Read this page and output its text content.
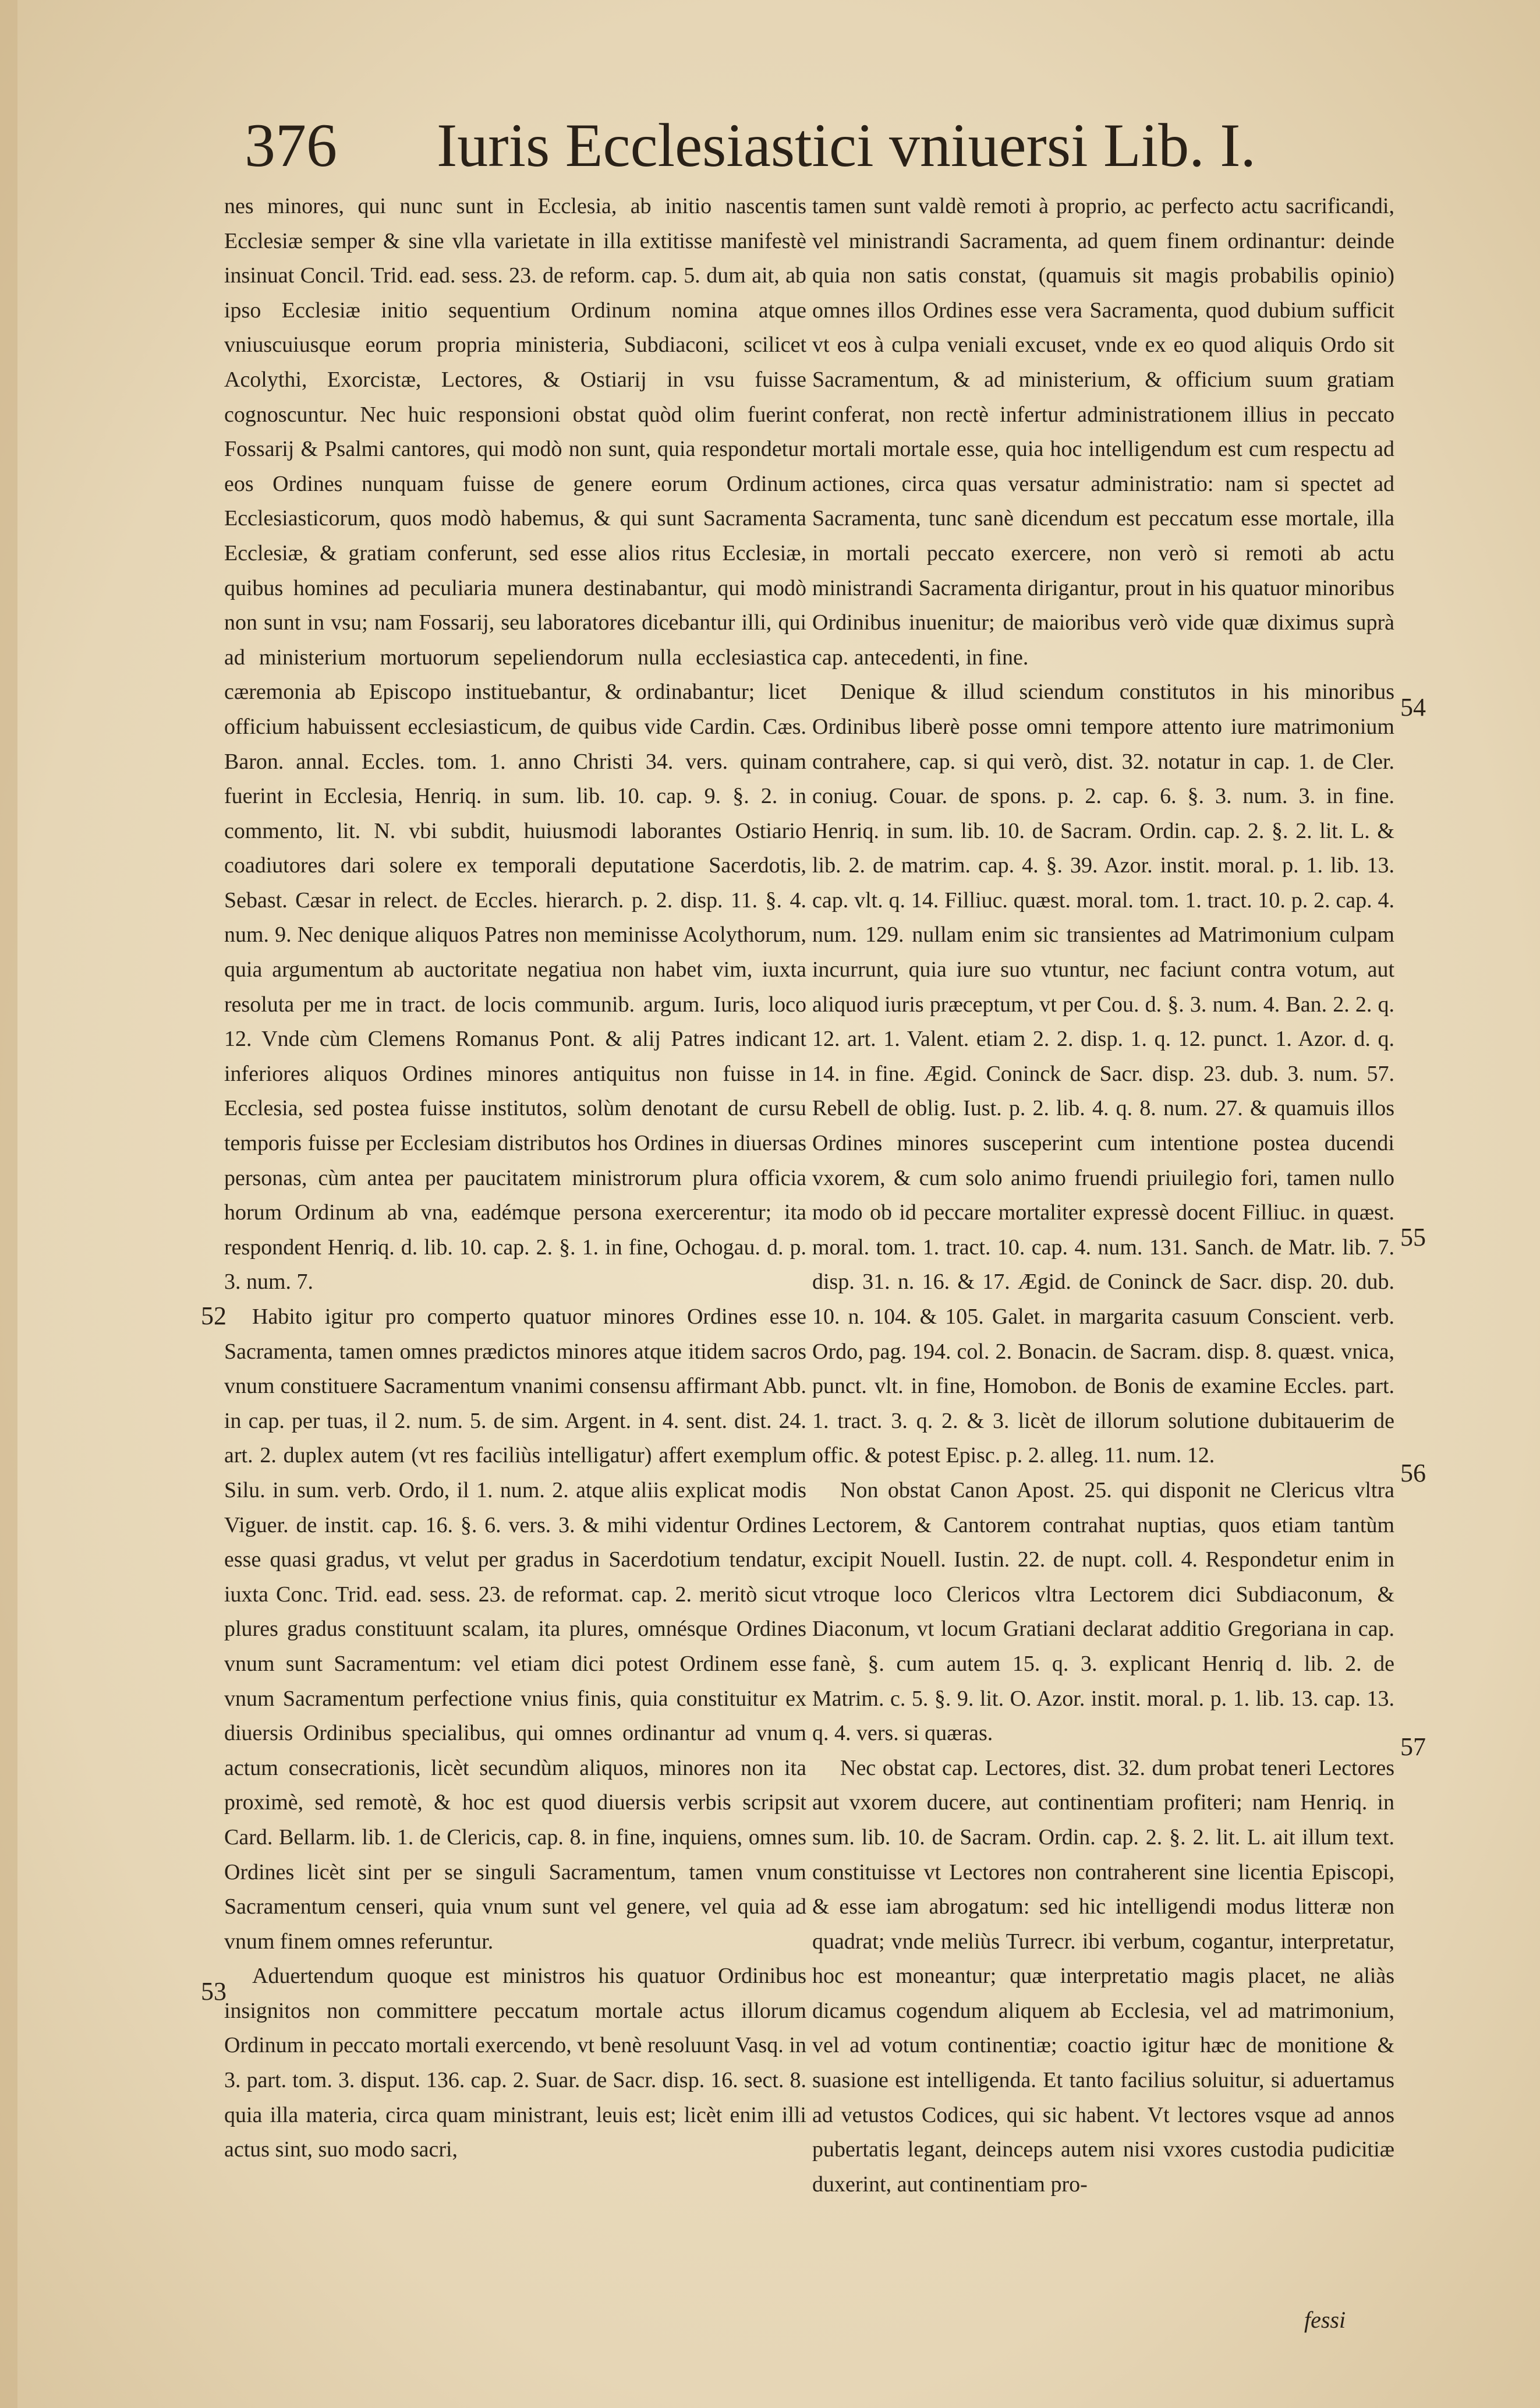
376 Iuris Ecclesiastici vniuersi Lib. I.

nes minores, qui nunc sunt in Ecclesia, ab initio nascentis Ecclesiæ semper & sine vlla varietate in illa extitisse manifestè insinuat Concil. Trid. ead. sess. 23. de reform. cap. 5. dum ait, ab ipso Ecclesiæ initio sequentium Ordinum nomina atque vniuscuiusque eorum propria ministeria, Subdiaconi, scilicet Acolythi, Exorcistæ, Lectores, & Ostiarij in vsu fuisse cognoscuntur. Nec huic responsioni obstat quòd olim fuerint Fossarij & Psalmi cantores, qui modò non sunt, quia respondetur eos Ordines nunquam fuisse de genere eorum Ordinum Ecclesiasticorum, quos modò habemus, & qui sunt Sacramenta Ecclesiæ, & gratiam conferunt, sed esse alios ritus Ecclesiæ, quibus homines ad peculiaria munera destinabantur, qui modò non sunt in vsu; nam Fossarij, seu laboratores dicebantur illi, qui ad ministerium mortuorum sepeliendorum nulla ecclesiastica cæremonia ab Episcopo instituebantur, & ordinabantur; licet officium habuissent ecclesiasticum, de quibus vide Cardin. Cæs. Baron. annal. Eccles. tom. 1. anno Christi 34. vers. quinam fuerint in Ecclesia, Henriq. in sum. lib. 10. cap. 9. §. 2. in commento, lit. N. vbi subdit, huiusmodi laborantes Ostiario coadiutores dari solere ex temporali deputatione Sacerdotis, Sebast. Cæsar in relect. de Eccles. hierarch. p. 2. disp. 11. §. 4. num. 9. Nec denique aliquos Patres non meminisse Acolythorum, quia argumentum ab auctoritate negatiua non habet vim, iuxta resoluta per me in tract. de locis communib. argum. Iuris, loco 12. Vnde cùm Clemens Romanus Pont. & alij Patres indicant inferiores aliquos Ordines minores antiquitus non fuisse in Ecclesia, sed postea fuisse institutos, solùm denotant de cursu temporis fuisse per Ecclesiam distributos hos Ordines in diuersas personas, cùm antea per paucitatem ministrorum plura officia horum Ordinum ab vna, eadémque persona exercerentur; ita respondent Henriq. d. lib. 10. cap. 2. §. 1. in fine, Ochogau. d. p. 3. num. 7.

Habito igitur pro comperto quatuor minores Ordines esse Sacramenta, tamen omnes prædictos minores atque itidem sacros vnum constituere Sacramentum vnanimi consensu affirmant Abb. in cap. per tuas, il 2. num. 5. de sim. Argent. in 4. sent. dist. 24. art. 2. duplex autem (vt res faciliùs intelligatur) affert exemplum Silu. in sum. verb. Ordo, il 1. num. 2. atque aliis explicat modis Viguer. de instit. cap. 16. §. 6. vers. 3. & mihi videntur Ordines esse quasi gradus, vt velut per gradus in Sacerdotium tendatur, iuxta Conc. Trid. ead. sess. 23. de reformat. cap. 2. meritò sicut plures gradus constituunt scalam, ita plures, omnésque Ordines vnum sunt Sacramentum: vel etiam dici potest Ordinem esse vnum Sacramentum perfectione vnius finis, quia constituitur ex diuersis Ordinibus specialibus, qui omnes ordinantur ad vnum actum consecrationis, licèt secundùm aliquos, minores non ita proximè, sed remotè, & hoc est quod diuersis verbis scripsit Card. Bellarm. lib. 1. de Clericis, cap. 8. in fine, inquiens, omnes Ordines licèt sint per se singuli Sacramentum, tamen vnum Sacramentum censeri, quia vnum sunt vel genere, vel quia ad vnum finem omnes referuntur.

Aduertendum quoque est ministros his quatuor Ordinibus insignitos non committere peccatum mortale actus illorum Ordinum in peccato mortali exercendo, vt benè resoluunt Vasq. in 3. part. tom. 3. disput. 136. cap. 2. Suar. de Sacr. disp. 16. sect. 8. quia illa materia, circa quam ministrant, leuis est; licèt enim illi actus sint, suo modo sacri,

tamen sunt valdè remoti à proprio, ac perfecto actu sacrificandi, vel ministrandi Sacramenta, ad quem finem ordinantur: deinde quia non satis constat, (quamuis sit magis probabilis opinio) omnes illos Ordines esse vera Sacramenta, quod dubium sufficit vt eos à culpa veniali excuset, vnde ex eo quod aliquis Ordo sit Sacramentum, & ad ministerium, & officium suum gratiam conferat, non rectè infertur administrationem illius in peccato mortali mortale esse, quia hoc intelligendum est cum respectu ad actiones, circa quas versatur administratio: nam si spectet ad Sacramenta, tunc sanè dicendum est peccatum esse mortale, illa in mortali peccato exercere, non verò si remoti ab actu ministrandi Sacramenta dirigantur, prout in his quatuor minoribus Ordinibus inuenitur; de maioribus verò vide quæ diximus suprà cap. antecedenti, in fine.

Denique & illud sciendum constitutos in his minoribus Ordinibus liberè posse omni tempore attento iure matrimonium contrahere, cap. si qui verò, dist. 32. notatur in cap. 1. de Cler. coniug. Couar. de spons. p. 2. cap. 6. §. 3. num. 3. in fine. Henriq. in sum. lib. 10. de Sacram. Ordin. cap. 2. §. 2. lit. L. & lib. 2. de matrim. cap. 4. §. 39. Azor. instit. moral. p. 1. lib. 13. cap. vlt. q. 14. Filliuc. quæst. moral. tom. 1. tract. 10. p. 2. cap. 4. num. 129. nullam enim sic transientes ad Matrimonium culpam incurrunt, quia iure suo vtuntur, nec faciunt contra votum, aut aliquod iuris præceptum, vt per Cou. d. §. 3. num. 4. Ban. 2. 2. q. 12. art. 1. Valent. etiam 2. 2. disp. 1. q. 12. punct. 1. Azor. d. q. 14. in fine. Ægid. Coninck de Sacr. disp. 23. dub. 3. num. 57. Rebell de oblig. Iust. p. 2. lib. 4. q. 8. num. 27. & quamuis illos Ordines minores susceperint cum intentione postea ducendi vxorem, & cum solo animo fruendi priuilegio fori, tamen nullo modo ob id peccare mortaliter expressè docent Filliuc. in quæst. moral. tom. 1. tract. 10. cap. 4. num. 131. Sanch. de Matr. lib. 7. disp. 31. n. 16. & 17. Ægid. de Coninck de Sacr. disp. 20. dub. 10. n. 104. & 105. Galet. in margarita casuum Conscient. verb. Ordo, pag. 194. col. 2. Bonacin. de Sacram. disp. 8. quæst. vnica, punct. vlt. in fine, Homobon. de Bonis de examine Eccles. part. 1. tract. 3. q. 2. & 3. licèt de illorum solutione dubitauerim de offic. & potest Episc. p. 2. alleg. 11. num. 12.

Non obstat Canon Apost. 25. qui disponit ne Clericus vltra Lectorem, & Cantorem contrahat nuptias, quos etiam tantùm excipit Nouell. Iustin. 22. de nupt. coll. 4. Respondetur enim in vtroque loco Clericos vltra Lectorem dici Subdiaconum, & Diaconum, vt locum Gratiani declarat additio Gregoriana in cap. fanè, §. cum autem 15. q. 3. explicant Henriq d. lib. 2. de Matrim. c. 5. §. 9. lit. O. Azor. instit. moral. p. 1. lib. 13. cap. 13. q. 4. vers. si quæras.

Nec obstat cap. Lectores, dist. 32. dum probat teneri Lectores aut vxorem ducere, aut continentiam profiteri; nam Henriq. in sum. lib. 10. de Sacram. Ordin. cap. 2. §. 2. lit. L. ait illum text. constituisse vt Lectores non contraherent sine licentia Episcopi, & esse iam abrogatum: sed hic intelligendi modus litteræ non quadrat; vnde meliùs Turrecr. ibi verbum, cogantur, interpretatur, hoc est moneantur; quæ interpretatio magis placet, ne aliàs dicamus cogendum aliquem ab Ecclesia, vel ad matrimonium, vel ad votum continentiæ; coactio igitur hæc de monitione & suasione est intelligenda. Et tanto facilius soluitur, si aduertamus ad vetustos Codices, qui sic habent. Vt lectores vsque ad annos pubertatis legant, deinceps autem nisi vxores custodia pudicitiæ duxerint, aut continentiam pro-

52
53
54
55
56
57
fessi
